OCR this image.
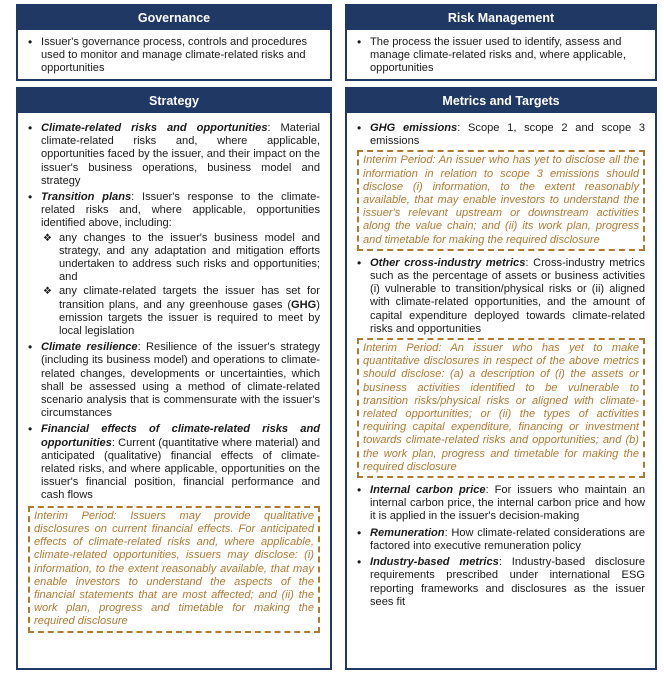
Governance
• Issuer's governance process, controls and procedures used to monitor and manage climate-related risks and opportunities
Risk Management
• The process the issuer used to identify, assess and manage climate-related risks and, where applicable, opportunities
Strategy
• Climate-related risks and opportunities: Material climate-related risks and, where applicable, opportunities faced by the issuer, and their impact on the issuer's business operations, business model and strategy
• Transition plans: Issuer's response to the climate-related risks and, where applicable, opportunities identified above, including:
❖ any changes to the issuer's business model and strategy, and any adaptation and mitigation efforts undertaken to address such risks and opportunities; and
❖ any climate-related targets the issuer has set for transition plans, and any greenhouse gases (GHG) emission targets the issuer is required to meet by local legislation
• Climate resilience: Resilience of the issuer's strategy (including its business model) and operations to climate-related changes, developments or uncertainties, which shall be assessed using a method of climate-related scenario analysis that is commensurate with the issuer's circumstances
• Financial effects of climate-related risks and opportunities: Current (quantitative where material) and anticipated (qualitative) financial effects of climate-related risks, and where applicable, opportunities on the issuer's financial position, financial performance and cash flows
Interim Period: Issuers may provide qualitative disclosures on current financial effects. For anticipated effects of climate-related risks and, where applicable, climate-related opportunities, issuers may disclose: (i) information, to the extent reasonably available, that may enable investors to understand the aspects of the financial statements that are most affected; and (ii) the work plan, progress and timetable for making the required disclosure
Metrics and Targets
• GHG emissions: Scope 1, scope 2 and scope 3 emissions
Interim Period: An issuer who has yet to disclose all the information in relation to scope 3 emissions should disclose (i) information, to the extent reasonably available, that may enable investors to understand the issuer's relevant upstream or downstream activities along the value chain; and (ii) its work plan, progress and timetable for making the required disclosure
• Other cross-industry metrics: Cross-industry metrics such as the percentage of assets or business activities (i) vulnerable to transition/physical risks or (ii) aligned with climate-related opportunities, and the amount of capital expenditure deployed towards climate-related risks and opportunities
Interim Period: An issuer who has yet to make quantitative disclosures in respect of the above metrics should disclose: (a) a description of (i) the assets or business activities identified to be vulnerable to transition risks/physical risks or aligned with climate-related opportunities; or (ii) the types of activities requiring capital expenditure, financing or investment towards climate-related risks and opportunities; and (b) the work plan, progress and timetable for making the required disclosure
• Internal carbon price: For issuers who maintain an internal carbon price, the internal carbon price and how it is applied in the issuer's decision-making
• Remuneration: How climate-related considerations are factored into executive remuneration policy
• Industry-based metrics: Industry-based disclosure requirements prescribed under international ESG reporting frameworks and disclosures as the issuer sees fit
